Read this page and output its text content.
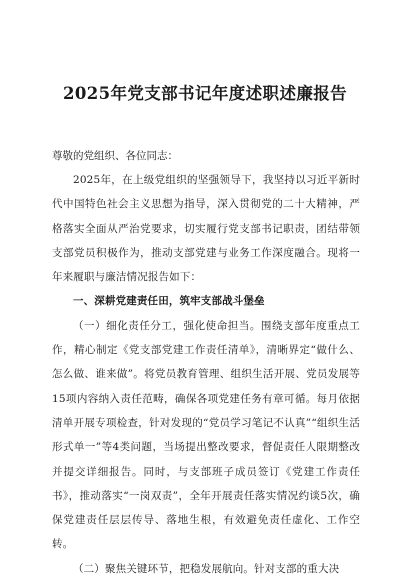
2025年党支部书记年度述职述廉报告
尊敬的党组织、各位同志：

2025年，在上级党组织的坚强领导下，我坚持以习近平新时代中国特色社会主义思想为指导，深入贯彻党的二十大精神，严格落实全面从严治党要求，切实履行党支部书记职责，团结带领支部党员积极作为，推动支部党建与业务工作深度融合。现将一年来履职与廉洁情况报告如下：

一、深耕党建责任田，筑牢支部战斗堡垒

（一）细化责任分工，强化使命担当。围绕支部年度重点工作，精心制定《党支部党建工作责任清单》，清晰界定“做什么、怎么做、谁来做”。将党员教育管理、组织生活开展、党员发展等15项内容纳入责任范畴，确保各项党建任务有章可循。每月依据清单开展专项检查，针对发现的“党员学习笔记不认真”“组织生活形式单一”等4类问题，当场提出整改要求，督促责任人限期整改并提交详细报告。同时，与支部班子成员签订《党建工作责任书》，推动落实“一岗双责”，全年开展责任落实情况约谈5次，确保党建责任层层传导、落地生根，有效避免责任虚化、工作空转。

（二）聚焦关键环节，把稳发展航向。针对支部的重大决
